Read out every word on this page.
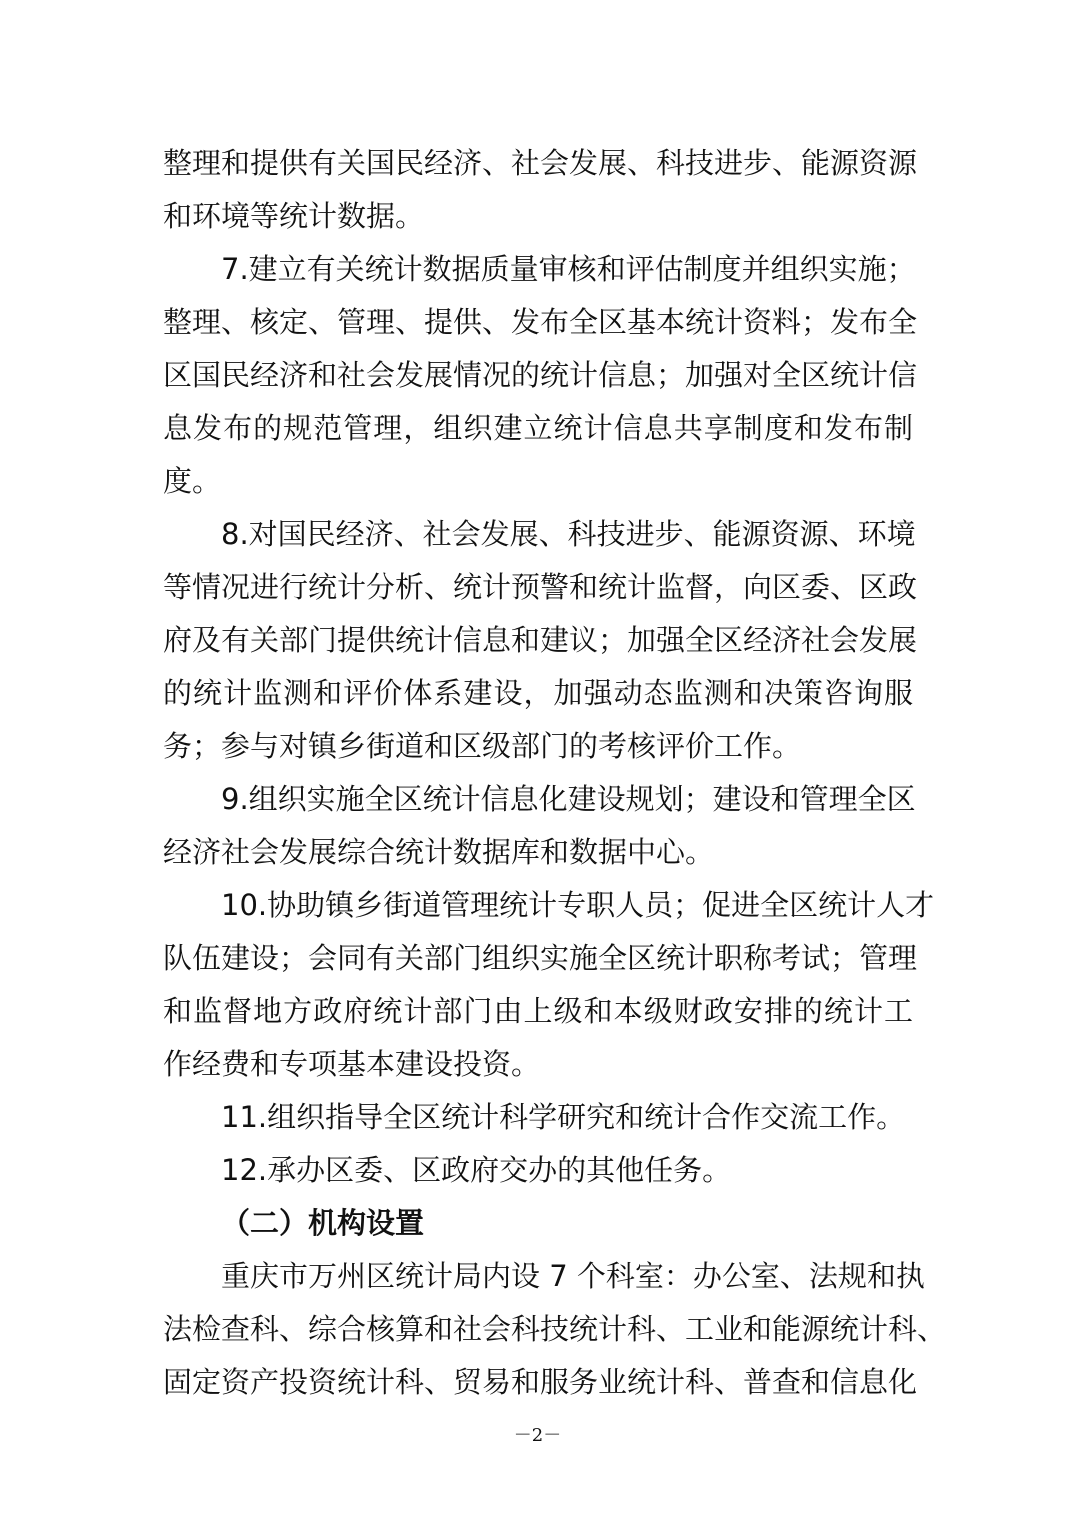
整理和提供有关国民经济、社会发展、科技进步、能源资源
和环境等统计数据。
7.建立有关统计数据质量审核和评估制度并组织实施；
整理、核定、管理、提供、发布全区基本统计资料；发布全
区国民经济和社会发展情况的统计信息；加强对全区统计信
息发布的规范管理，组织建立统计信息共享制度和发布制
度。
8.对国民经济、社会发展、科技进步、能源资源、环境
等情况进行统计分析、统计预警和统计监督，向区委、区政
府及有关部门提供统计信息和建议；加强全区经济社会发展
的统计监测和评价体系建设，加强动态监测和决策咨询服
务；参与对镇乡街道和区级部门的考核评价工作。
9.组织实施全区统计信息化建设规划；建设和管理全区
经济社会发展综合统计数据库和数据中心。
10.协助镇乡街道管理统计专职人员；促进全区统计人才
队伍建设；会同有关部门组织实施全区统计职称考试；管理
和监督地方政府统计部门由上级和本级财政安排的统计工
作经费和专项基本建设投资。
11.组织指导全区统计科学研究和统计合作交流工作。
12.承办区委、区政府交办的其他任务。
（二）机构设置
重庆市万州区统计局内设 7 个科室：办公室、法规和执
法检查科、综合核算和社会科技统计科、工业和能源统计科、
固定资产投资统计科、贸易和服务业统计科、普查和信息化
－2－
